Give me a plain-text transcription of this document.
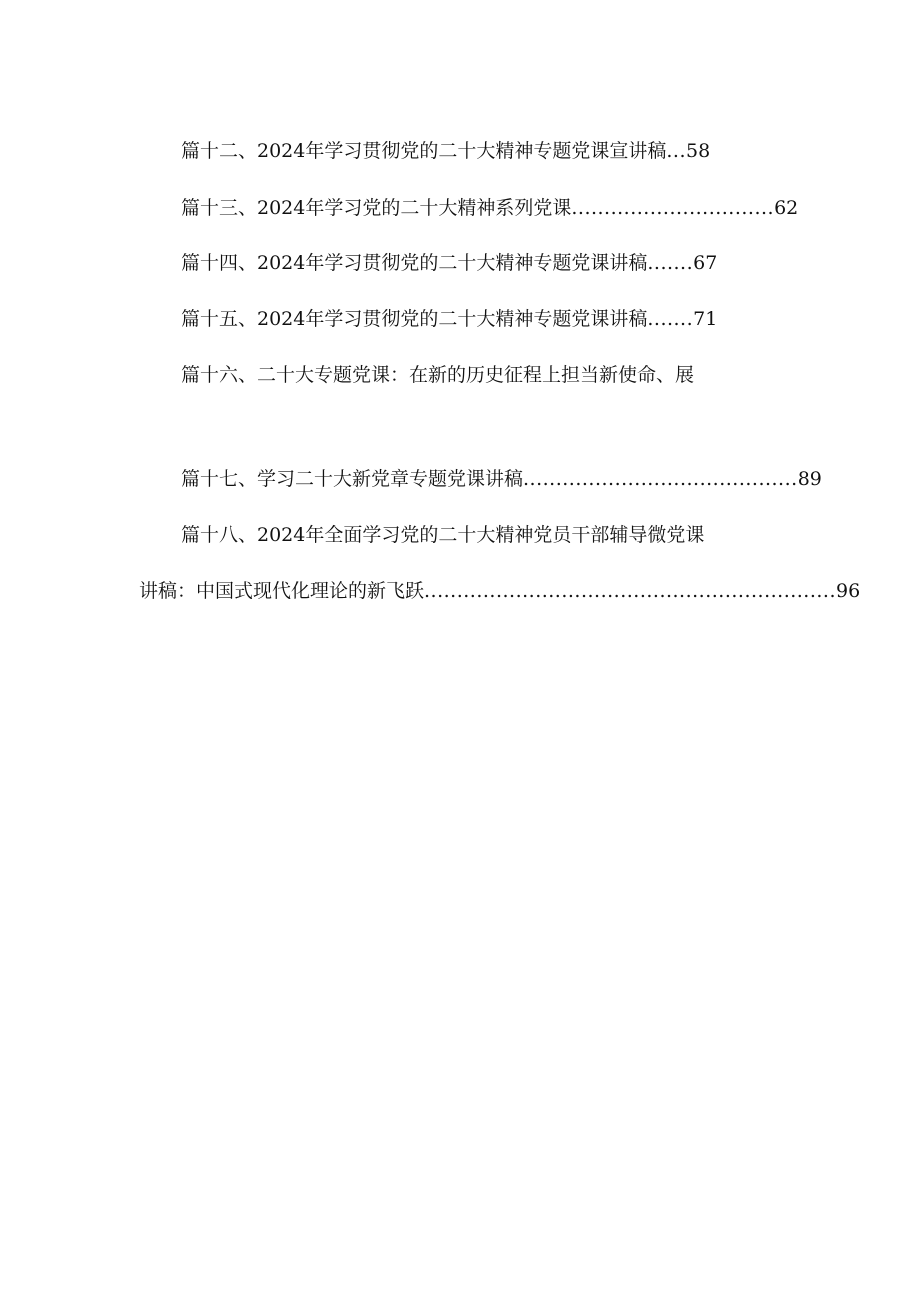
篇十二、2024年学习贯彻党的二十大精神专题党课宣讲稿 ... 58
篇十三、2024年学习党的二十大精神系列党课 ............................... 62
篇十四、2024年学习贯彻党的二十大精神专题党课讲稿 ....... 67
篇十五、2024年学习贯彻党的二十大精神专题党课讲稿 ....... 71
篇十六、二十大专题党课：在新的历史征程上担当新使命、展
篇十七、学习二十大新党章专题党课讲稿 .......................................... 89
篇十八、2024年全面学习党的二十大精神党员干部辅导微党课
讲稿：中国式现代化理论的新飞跃 ............................................................... 96
